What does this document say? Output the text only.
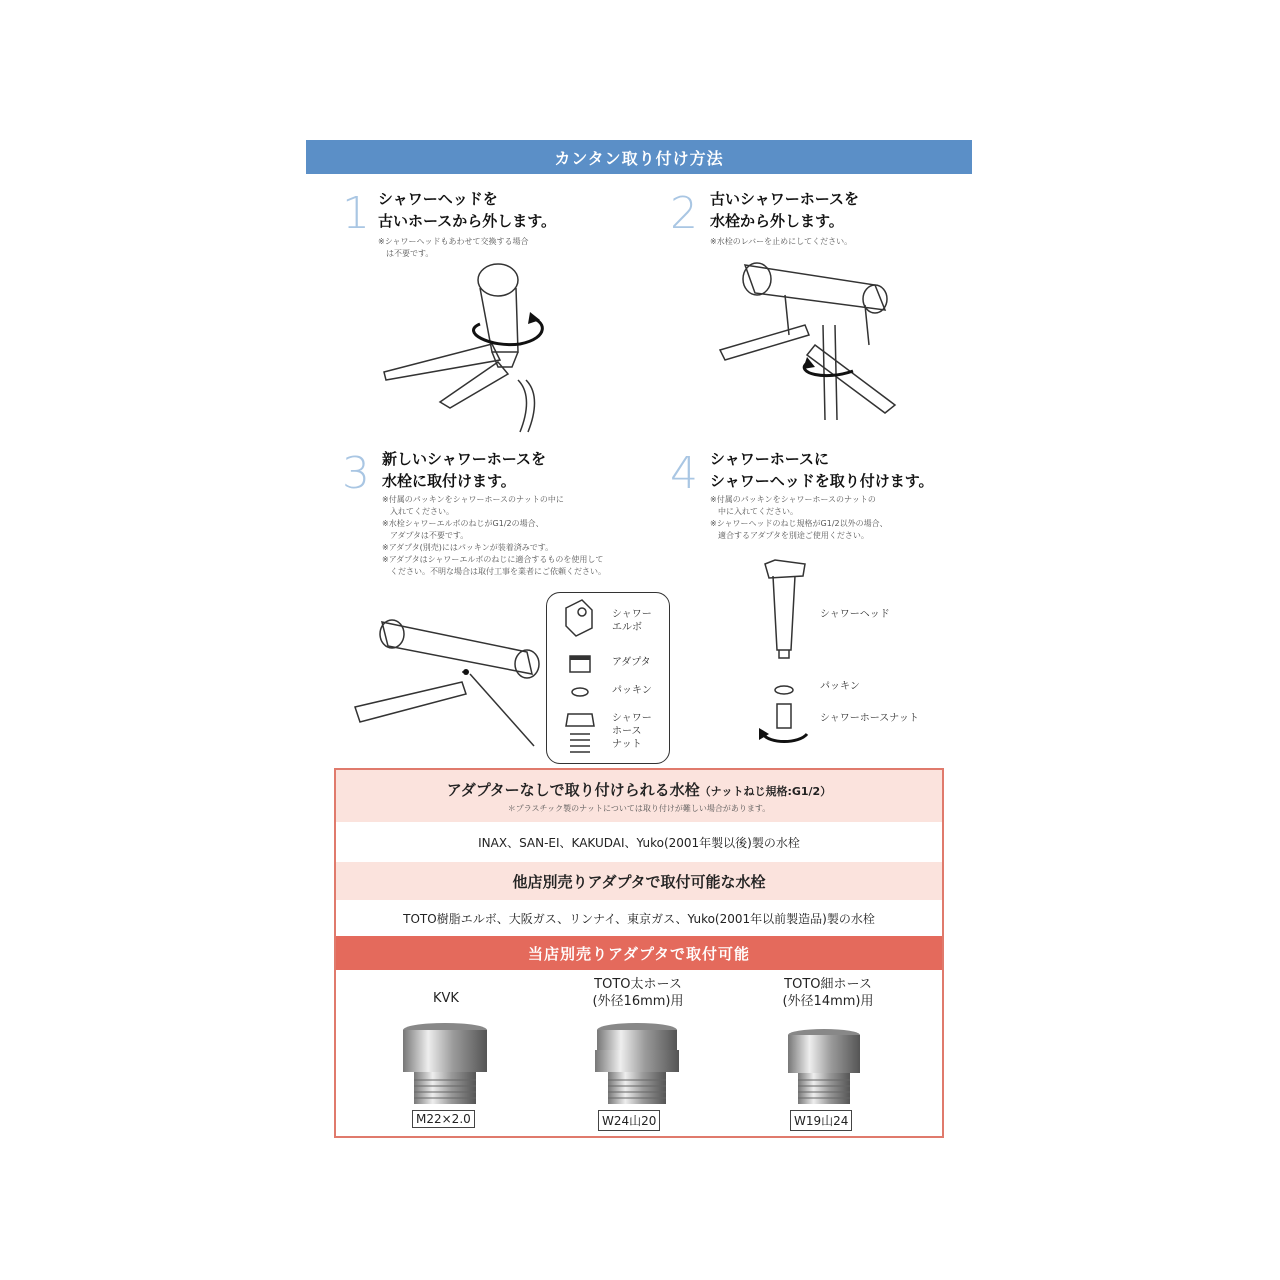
カンタン取り付け方法
1 シャワーヘッドを
古いホースから外します。
※シャワーヘッドもあわせて交換する場合
　は不要です。
2 古いシャワーホースを
水栓から外します。
※水栓のレバーを止めにしてください。
3 新しいシャワーホースを
水栓に取付けます。
※付属のパッキンをシャワーホースのナットの中に
　入れてください。
※水栓シャワーエルボのねじがG1/2の場合、
　アダプタは不要です。
※アダプタ(別売)にはパッキンが装着済みです。
※アダプタはシャワーエルボのねじに適合するものを使用して
　ください。不明な場合は取付工事を業者にご依頼ください。
シャワー
エルボ
アダプタ
パッキン
シャワー
ホース
ナット
4 シャワーホースに
シャワーヘッドを取り付けます。
※付属のパッキンをシャワーホースのナットの
　中に入れてください。
※シャワーヘッドのねじ規格がG1/2以外の場合、
　適合するアダプタを別途ご使用ください。
シャワーヘッド
パッキン
シャワーホースナット
アダプターなしで取り付けられる水栓（ナットねじ規格:G1/2）
＊プラスチック製のナットについては取り付けが難しい場合があります。
INAX、SAN-EI、KAKUDAI、Yuko(2001年製以後)製の水栓
他店別売りアダプタで取付可能な水栓
TOTO樹脂エルボ、大阪ガス、リンナイ、東京ガス、Yuko(2001年以前製造品)製の水栓
当店別売りアダプタで取付可能
KVK
TOTO太ホース
(外径16mm)用
TOTO細ホース
(外径14mm)用
M22×2.0	W24山20	W19山24
